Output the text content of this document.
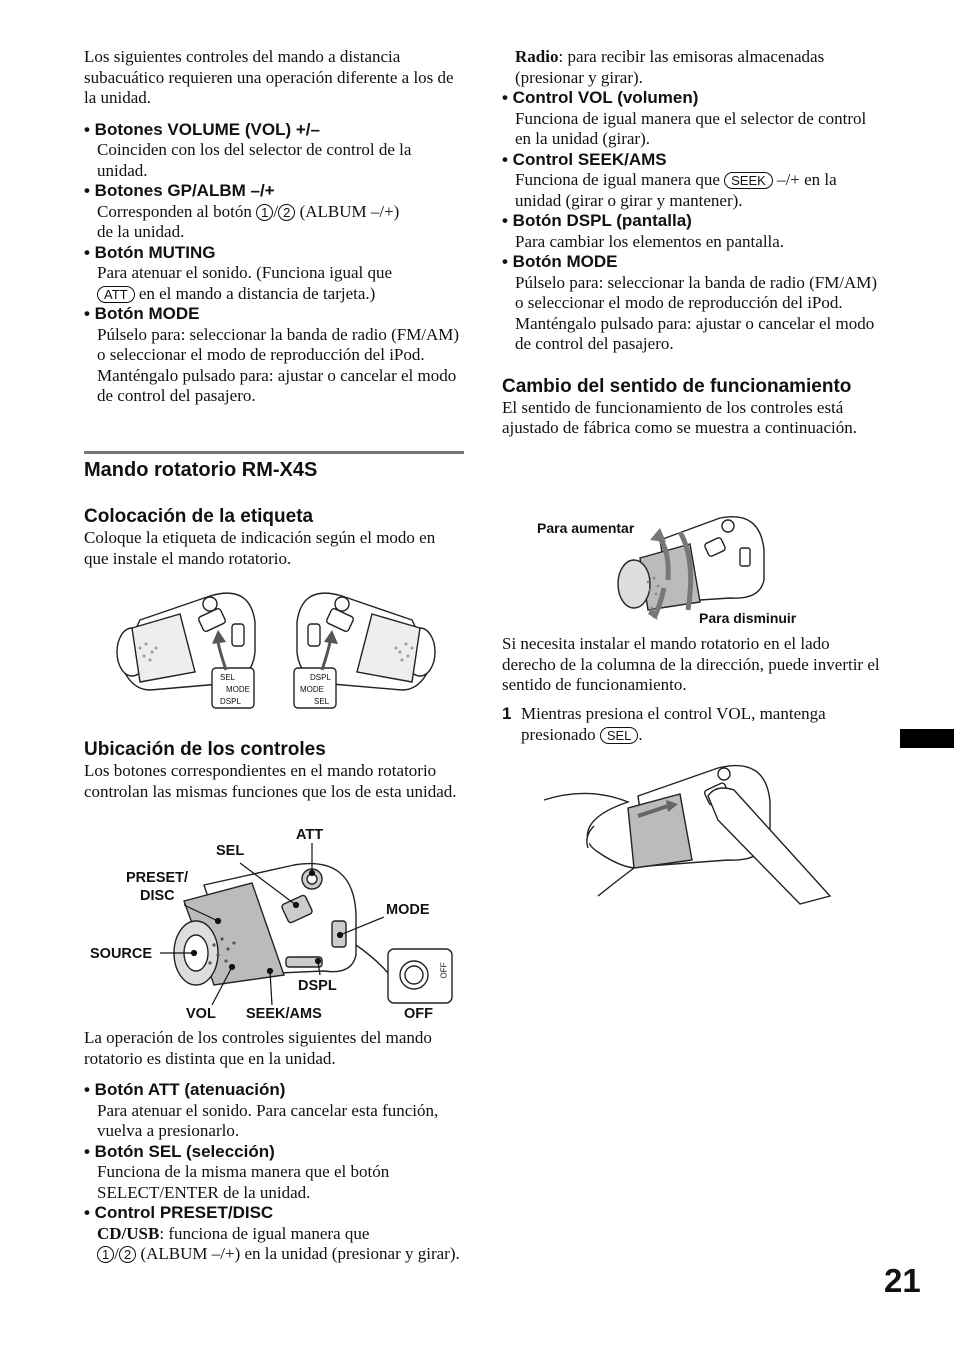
Los siguientes controles del mando a distancia subacuático requieren una operación diferente a los de la unidad.
• Botones VOLUME (VOL) +/–
Coinciden con los del selector de control de la unidad.
• Botones GP/ALBM –/+
Corresponden al botón 1 / 2 (ALBUM –/+)
de la unidad.
• Botón MUTING
Para atenuar el sonido. (Funciona igual que
ATT en el mando a distancia de tarjeta.)
• Botón MODE
Púlselo para: seleccionar la banda de radio (FM/AM) o seleccionar el modo de reproducción del iPod.
Manténgalo pulsado para: ajustar o cancelar el modo de control del pasajero.
Mando rotatorio RM-X4S
Colocación de la etiqueta
Coloque la etiqueta de indicación según el modo en que instale el mando rotatorio.
SEL
MODE
DSPL
DSPL
MODE
SEL
Ubicación de los controles
Los botones correspondientes en el mando rotatorio controlan las mismas funciones que los de esta unidad.
ATT
SEL
PRESET/
DISC
MODE
SOURCE
DSPL
VOL SEEK/AMS	OFF
OFF
La operación de los controles siguientes del mando rotatorio es distinta que en la unidad.
• Botón ATT (atenuación)
Para atenuar el sonido. Para cancelar esta función, vuelva a presionarlo.
• Botón SEL (selección)
Funciona de la misma manera que el botón SELECT/ENTER de la unidad.
• Control PRESET/DISC
CD/USB: funciona de igual manera que
1 / 2 (ALBUM –/+) en la unidad (presionar y girar).
Radio: para recibir las emisoras almacenadas (presionar y girar).
• Control VOL (volumen)
Funciona de igual manera que el selector de control en la unidad (girar).
• Control SEEK/AMS
Funciona de igual manera que SEEK –/+ en la unidad (girar o girar y mantener).
• Botón DSPL (pantalla)
Para cambiar los elementos en pantalla.
• Botón MODE
Púlselo para: seleccionar la banda de radio (FM/AM) o seleccionar el modo de reproducción del iPod.
Manténgalo pulsado para: ajustar o cancelar el modo de control del pasajero.
Cambio del sentido de funcionamiento
El sentido de funcionamiento de los controles está ajustado de fábrica como se muestra a continuación.
Para aumentar
Para disminuir
Si necesita instalar el mando rotatorio en el lado derecho de la columna de la dirección, puede invertir el sentido de funcionamiento.
1 Mientras presiona el control VOL, mantenga presionado SEL .
21
